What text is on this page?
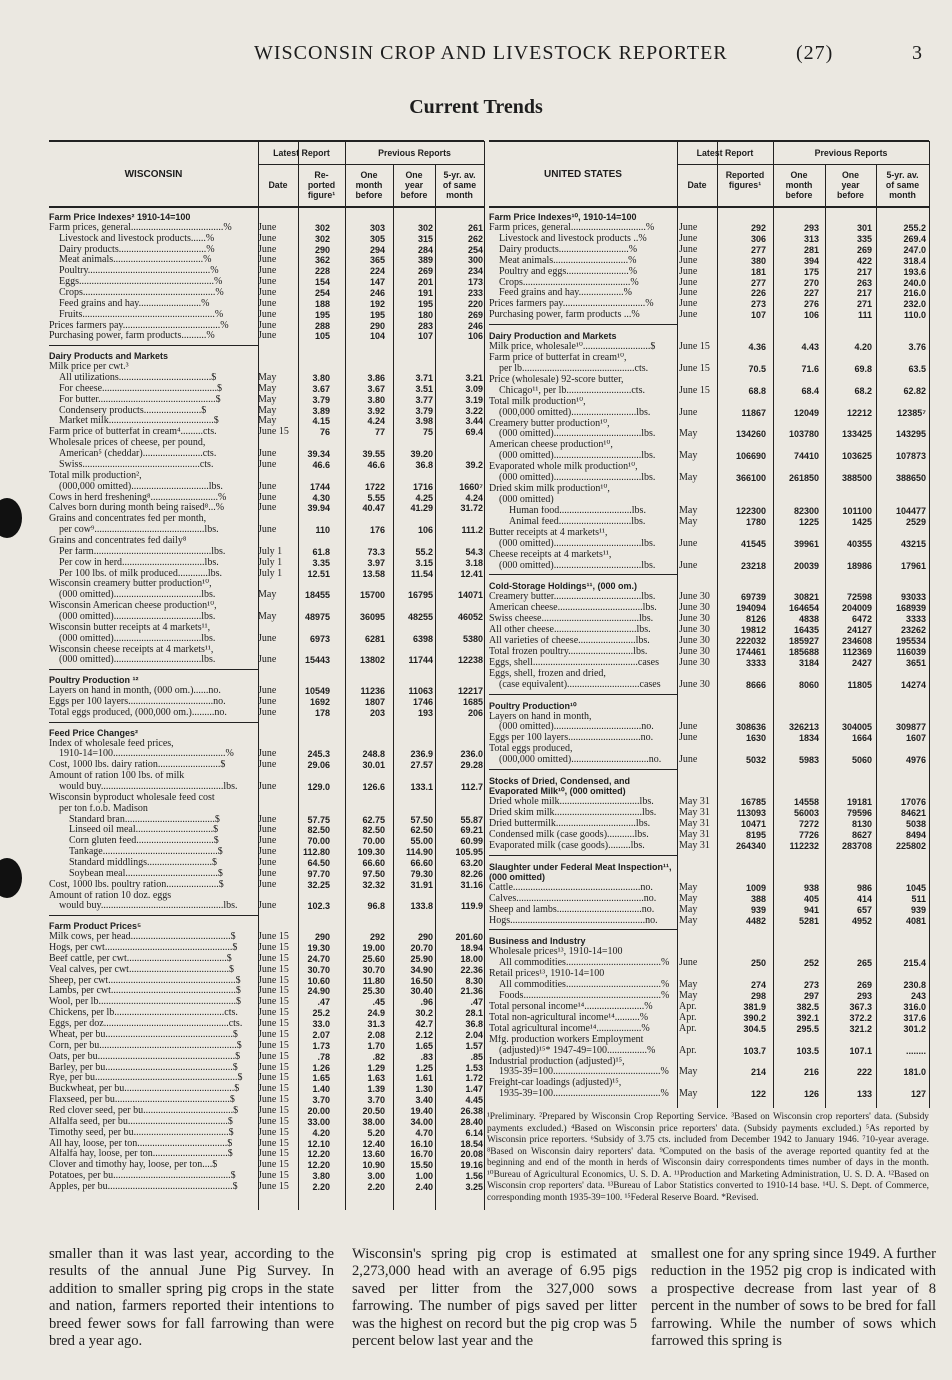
WISCONSIN CROP AND LIVESTOCK REPORTER	(27)	3
Current Trends
WISCONSIN
Latest Report	Previous Reports
Date
Re-
ported
figure¹
One
month
before
One
year
before
5-yr. av.
of same
month
Farm Price Indexes² 1910-14=100
Farm prices, general.....................................%	June	302	303	302	261
Livestock and livestock products......%	June	302	305	315	262
Dairy products...................................%	June	290	294	284	254
Meat animals....................................%	June	362	365	389	300
Poultry.................................................%	June	228	224	269	234
Eggs......................................................%	June	154	147	201	173
Crops.....................................................%	June	254	246	191	233
Feed grains and hay.........................%	June	188	192	195	220
Fruits.....................................................%	June	195	195	180	269
Prices farmers pay.......................................%	June	288	290	283	246
Purchasing power, farm products..........%	June	105	104	107	106
Dairy Products and Markets
Milk price per cwt.³
All utilizations.....................................$	May	3.80	3.86	3.71	3.21
For cheese..............................................$	May	3.67	3.67	3.51	3.09
For butter...............................................$	May	3.79	3.80	3.77	3.19
Condensery products.......................$	May	3.89	3.92	3.79	3.22
Market milk..........................................$	May	4.15	4.24	3.98	3.44
Farm price of butterfat in cream⁴.........cts.	June 15	76	77	75	69.4
Wholesale prices of cheese, per pound,
American⁵ (cheddar)........................cts.	June	39.34	39.55	39.20
Swiss...............................................cts.	June	46.6	46.6	36.8	39.2
Total milk production²,
(000,000 omitted)...............................lbs.	June	1744	1722	1716	1660⁷
Cows in herd freshening⁸...........................%	June	4.30	5.55	4.25	4.24
Calves born during month being raised⁸...%	June	39.94	40.47	41.29	31.72
Grains and concentrates fed per month,
per cow⁹............................................lbs.	June	110	176	106	111.2
Grains and concentrates fed daily⁸
Per farm...............................................lbs.	July 1	61.8	73.3	55.2	54.3
Per cow in herd.................................lbs.	July 1	3.35	3.97	3.15	3.18
Per 100 lbs. of milk produced............lbs.	July 1	12.51	13.58	11.54	12.41
Wisconsin creamery butter production¹⁰,
(000 omitted)...................................lbs.	May	18455	15700	16795	14071
Wisconsin American cheese production¹⁰,
(000 omitted)...................................lbs.	May	48975	36095	48255	46052
Wisconsin butter receipts at 4 markets¹¹,
(000 omitted)...................................lbs.	June	6973	6281	6398	5380
Wisconsin cheese receipts at 4 markets¹¹,
(000 omitted)...................................lbs.	June	15443	13802	11744	12238
Poultry Production ¹²
Layers on hand in month, (000 om.)......no.	June	10549	11236	11063	12217
Eggs per 100 layers..................................no.	June	1692	1807	1746	1685
Total eggs produced, (000,000 om.).........no.	June	178	203	193	206
Feed Price Changes²
Index of wholesale feed prices,
1910-14=100.............................................%	June	245.3	248.8	236.9	236.0
Cost, 1000 lbs. dairy ration.........................$	June	29.06	30.01	27.57	29.28
Amount of ration 100 lbs. of milk
would buy.................................................lbs.	June	129.0	126.6	133.1	112.7
Wisconsin byproduct wholesale feed cost
per ton f.o.b. Madison
Standard bran....................................$	June	57.75	62.75	57.50	55.87
Linseed oil meal...............................$	June	82.50	82.50	62.50	69.21
Corn gluten feed...............................$	June	70.00	70.00	55.00	60.99
Tankage..............................................$	June	112.80	109.30	114.90	105.95
Standard middlings..........................$	June	64.50	66.60	66.60	63.20
Soybean meal.....................................$	June	97.70	97.50	79.30	82.26
Cost, 1000 lbs. poultry ration.....................$	June	32.25	32.32	31.91	31.16
Amount of ration 10 doz. eggs
would buy.................................................lbs.	June	102.3	96.8	133.8	119.9
Farm Product Prices⁵
Milk cows, per head........................................$	June 15	290	292	290	201.60
Hogs, per cwt...................................................$	June 15	19.30	19.00	20.70	18.94
Beef cattle, per cwt........................................$	June 15	24.70	25.60	25.90	18.00
Veal calves, per cwt........................................$	June 15	30.70	30.70	34.90	22.36
Sheep, per cwt...................................................$	June 15	10.60	11.80	16.50	8.30
Lambs, per cwt..................................................$	June 15	24.90	25.30	30.40	21.36
Wool, per lb.......................................................$	June 15	.47	.45	.96	.47
Chickens, per lb............................................cts.	June 15	25.2	24.9	30.2	28.1
Eggs, per doz..................................................cts.	June 15	33.0	31.3	42.7	36.8
Wheat, per bu...................................................$	June 15	2.07	2.08	2.12	2.04
Corn, per bu.......................................................$	June 15	1.73	1.70	1.65	1.57
Oats, per bu.......................................................$	June 15	.78	.82	.83	.85
Barley, per bu...................................................$	June 15	1.26	1.29	1.25	1.53
Rye, per bu.........................................................$	June 15	1.65	1.63	1.61	1.72
Buckwheat, per bu............................................$	June 15	1.40	1.39	1.30	1.47
Flaxseed, per bu..............................................$	June 15	3.70	3.70	3.40	4.45
Red clover seed, per bu....................................$	June 15	20.00	20.50	19.40	26.38
Alfalfa seed, per bu........................................$	June 15	33.00	38.00	34.00	28.40
Timothy seed, per bu......................................$	June 15	4.20	5.20	4.70	6.14
All hay, loose, per ton....................................$	June 15	12.10	12.40	16.10	18.54
Alfalfa hay, loose, per ton..............................$	June 15	12.20	13.60	16.70	20.08
Clover and timothy hay, loose, per ton....$	June 15	12.20	10.90	15.50	19.16
Potatoes, per bu...............................................$	June 15	3.80	3.00	1.00	1.56
Apples, per bu..................................................$	June 15	2.20	2.20	2.40	3.25
UNITED STATES
Latest Report	Previous Reports
Date
Reported
figures¹
One
month
before
One
year
before
5-yr. av.
of same
month
Farm Price Indexes¹⁰, 1910-14=100
Farm prices, general..............................%	June	292	293	301	255.2
Livestock and livestock products ..%	June	306	313	335	269.4
Dairy products............................%	June	277	281	269	247.0
Meat animals..............................%	June	380	394	422	318.4
Poultry and eggs.........................%	June	181	175	217	193.6
Crops...........................................%	June	277	270	263	240.0
Feed grains and hay..................%	June	226	227	217	216.0
Prices farmers pay.................................%	June	273	276	271	232.0
Purchasing power, farm products ...%	June	107	106	111	110.0
Dairy Production and Markets
Milk price, wholesale¹⁰...........................$	June 15	4.36	4.43	4.20	3.76
Farm price of butterfat in cream¹⁰,
per lb.............................................cts.	June 15	70.5	71.6	69.8	63.5
Price (wholesale) 92-score butter,
Chicago¹¹, per lb..........................cts.	June 15	68.8	68.4	68.2	62.82
Total milk production¹⁰,
(000,000 omitted)..........................lbs.	June	11867	12049	12212	12385⁷
Creamery butter production¹⁰,
(000 omitted)...................................lbs.	May	134260	103780	133425	143295
American cheese production¹⁰,
(000 omitted)...................................lbs.	May	106690	74410	103625	107873
Evaporated whole milk production¹⁰,
(000 omitted)...................................lbs.	May	366100	261850	388500	388650
Dried skim milk production¹⁰,
(000 omitted)
Human food.............................lbs.	May	122300	82300	101100	104477
Animal feed.............................lbs.	May	1780	1225	1425	2529
Butter receipts at 4 markets¹¹,
(000 omitted)...................................lbs.	June	41545	39961	40355	43215
Cheese receipts at 4 markets¹¹,
(000 omitted)...................................lbs.	June	23218	20039	18986	17961
Cold-Storage Holdings¹¹, (000 om.)
Creamery butter...................................lbs.	June 30	69739	30821	72598	93033
American cheese..................................lbs.	June 30	194094	164654	204009	168939
Swiss cheese.......................................lbs.	June 30	8126	4838	6472	3333
All other cheese.................................lbs.	June 30	19812	16435	24127	23262
All varieties of cheese.......................lbs.	June 30	222032	185927	234608	195534
Total frozen poultry..........................lbs.	June 30	174461	185688	112369	116039
Eggs, shell..........................................cases	June 30	3333	3184	2427	3651
Eggs, shell, frozen and dried,
(case equivalent).............................cases	June 30	8666	8060	11805	14274
Poultry Production¹⁰
Layers on hand in month,
(000 omitted)...................................no.	June	308636	326213	304005	309877
Eggs per 100 layers.............................no.	June	1630	1834	1664	1607
Total eggs produced,
(000,000 omitted)...............................no.	June	5032	5983	5060	4976
Stocks of Dried, Condensed, and Evaporated Milk¹⁰, (000 omitted)
Dried whole milk................................lbs.	May 31	16785	14558	19181	17076
Dried skim milk...................................lbs.	May 31	113093	56003	79596	84621
Dried buttermilk................................lbs.	May 31	10471	7272	8130	5038
Condensed milk (case goods)...........lbs.	May 31	8195	7726	8627	8494
Evaporated milk (case goods).........lbs.	May 31	264340	112232	283708	225802
Slaughter under Federal Meat Inspection¹¹, (000 omitted)
Cattle...................................................no.	May	1009	938	986	1045
Calves...................................................no.	May	388	405	414	511
Sheep and lambs..................................no.	May	939	941	657	939
Hogs......................................................no.	May	4482	5281	4952	4081
Business and Industry
Wholesale prices¹³, 1910-14=100
All commodities......................................% June	250	252	265	215.4
Retail prices¹³, 1910-14=100
All commodities......................................% May	274	273	269	230.8
Foods.......................................................% May	298	297	293	243
Total personal income¹⁴........................%	Apr.	381.9	382.5	367.3	316.0
Total non-agricultural income¹⁴..........%	Apr.	390.2	392.1	372.2	317.6
Total agricultural income¹⁴..................%	Apr.	304.5	295.5	321.2	301.2
Mfg. production workers Employment
(adjusted)¹⁵* 1947-49=100................%	Apr.	103.7	103.5	107.1	........
Industrial production (adjusted)¹⁵,
1935-39=100...........................................%	May	214	216	222	181.0
Freight-car loadings (adjusted)¹⁵,
1935-39=100...........................................%	May	122	126	133	127
¹Preliminary. ²Prepared by Wisconsin Crop Reporting Service. ³Based on Wisconsin crop reporters' data. (Subsidy payments excluded.) ⁴Based on Wisconsin price reporters' data. (Subsidy payments excluded.) ⁵As reported by Wisconsin price reporters. ⁶Subsidy of 3.75 cts. included from December 1942 to January 1946. ⁷10-year average. ⁸Based on Wisconsin dairy reporters' data. ⁹Computed on the basis of the average reported quantity fed at the beginning and end of the month in herds of Wisconsin dairy correspondents times number of days in the month. ¹⁰Bureau of Agricultural Economics, U. S. D. A. ¹¹Production and Marketing Administration, U. S. D. A. ¹²Based on Wisconsin crop reporters' data. ¹³Bureau of Labor Statistics converted to 1910-14 base. ¹⁴U. S. Dept. of Commerce, corresponding month 1935-39=100. ¹⁵Federal Reserve Board. *Revised.
smaller than it was last year, according to the results of the annual June Pig Survey. In addition to smaller spring pig crops in the state and nation, farmers reported their intentions to breed fewer sows for fall farrowing than were bred a year ago.
Wisconsin's spring pig crop is estimated at 2,273,000 head with an average of 6.95 pigs saved per litter from the 327,000 sows farrowing. The number of pigs saved per litter was the highest on record but the pig crop was 5 percent below last year and the
smallest one for any spring since 1949. A further reduction in the 1952 pig crop is indicated with a prospective decrease from last year of 8 percent in the number of sows to be bred for fall farrowing. While the number of sows which farrowed this spring is
